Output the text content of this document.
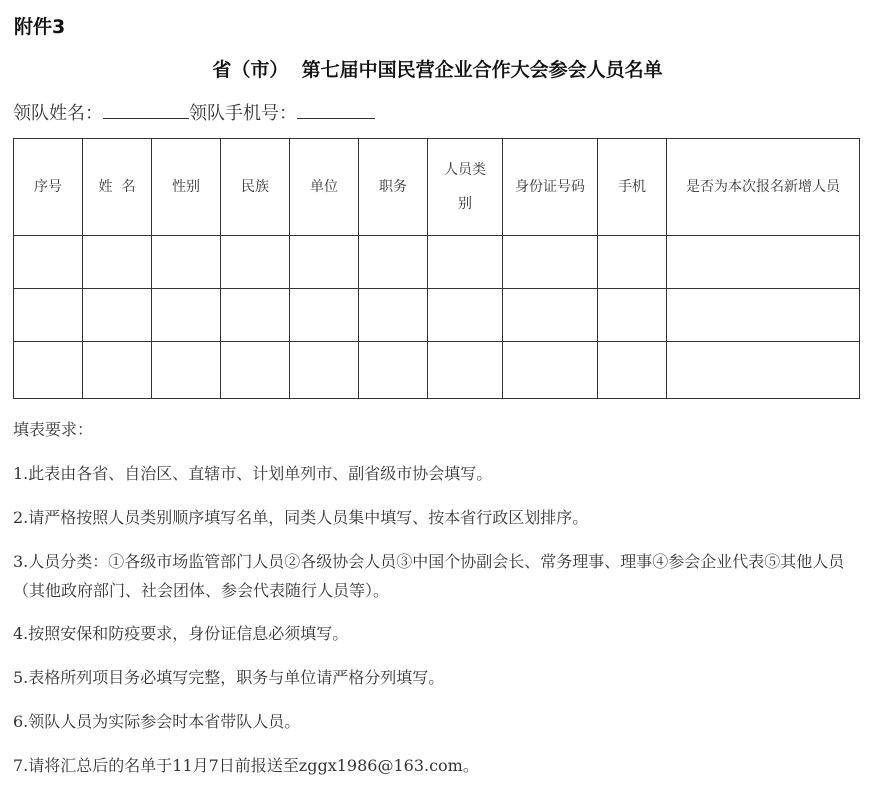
附件3
省（市）  第七届中国民营企业合作大会参会人员名单
领队姓名：	领队手机号：
序号	姓  名	性别	民族	单位	职务	人员类别	身份证号码	手机	是否为本次报名新增人员

填表要求：

1.此表由各省、自治区、直辖市、计划单列市、副省级市协会填写。

2.请严格按照人员类别顺序填写名单，同类人员集中填写、按本省行政区划排序。

3.人员分类：①各级市场监管部门人员②各级协会人员③中国个协副会长、常务理事、理事④参会企业代表⑤其他人员（其他政府部门、社会团体、参会代表随行人员等）。

4.按照安保和防疫要求，身份证信息必须填写。

5.表格所列项目务必填写完整，职务与单位请严格分列填写。

6.领队人员为实际参会时本省带队人员。

7.请将汇总后的名单于11月7日前报送至zggx1986@163.com。
